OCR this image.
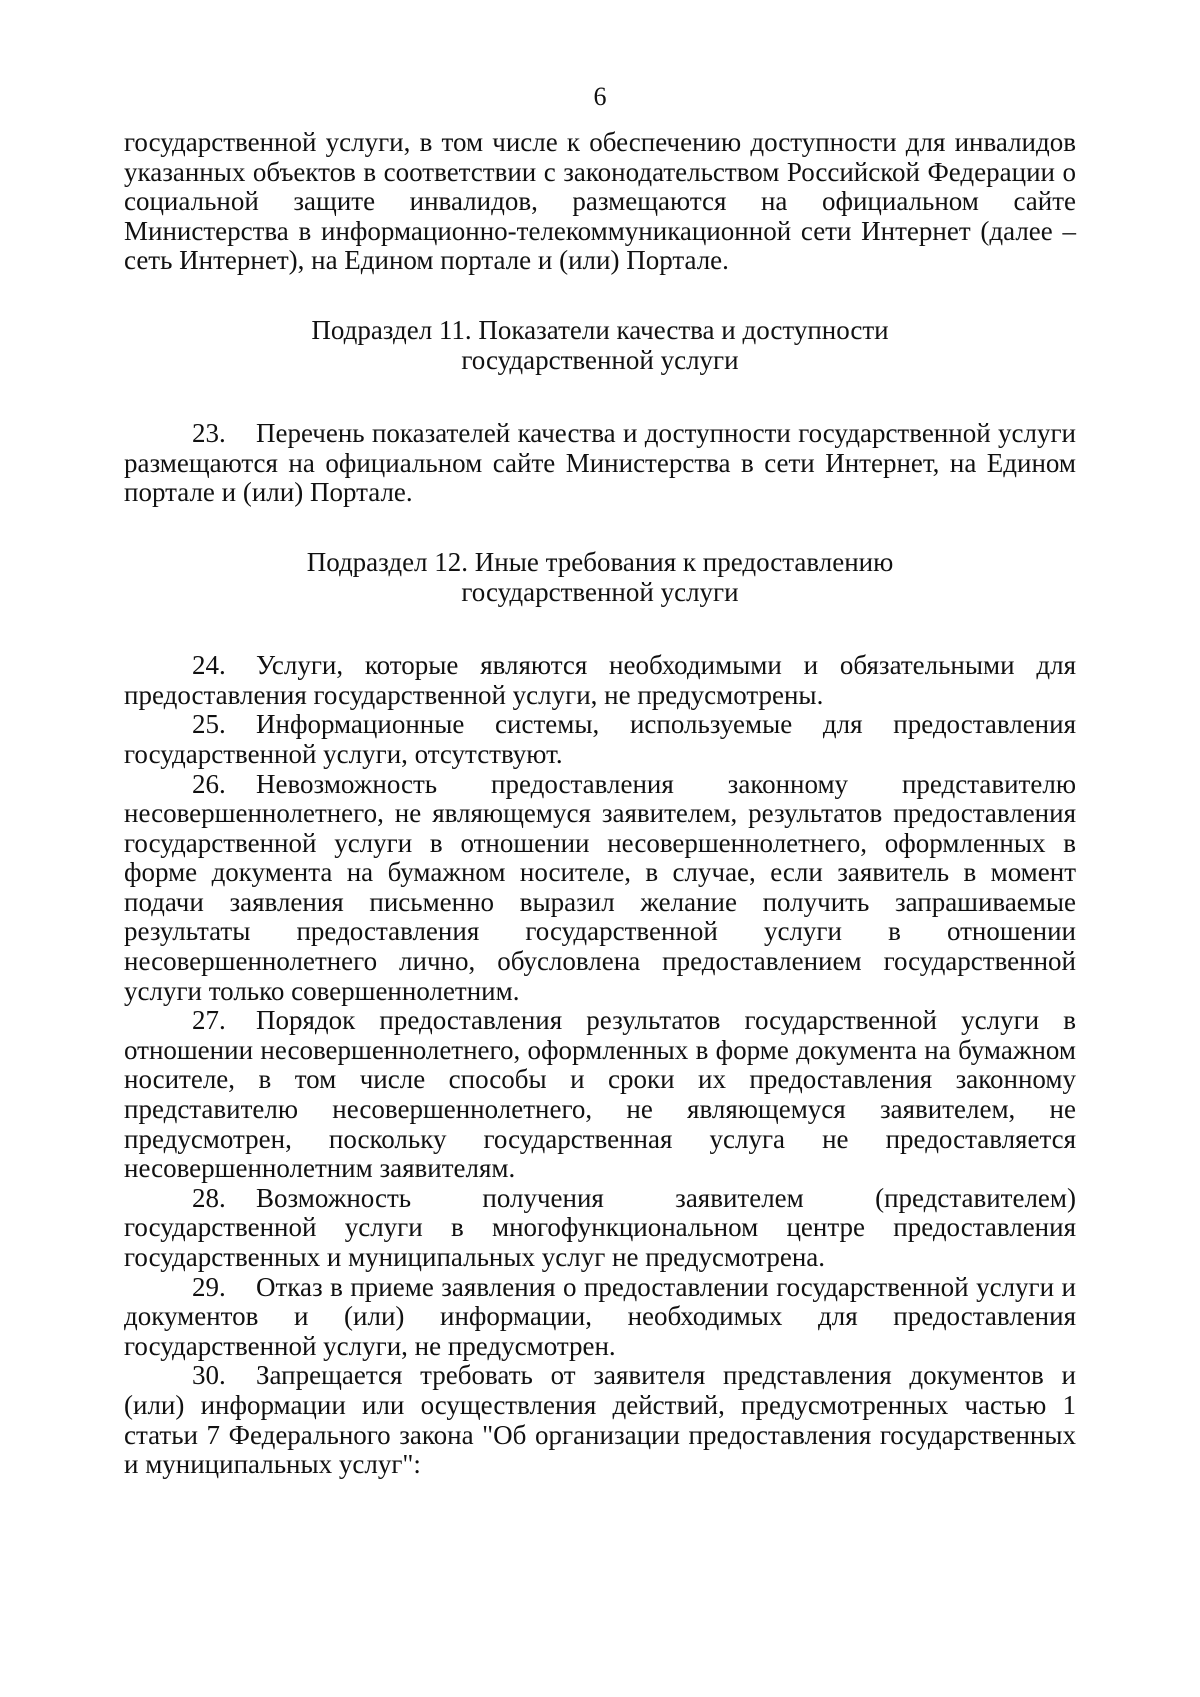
6

государственной услуги, в том числе к обеспечению доступности для инвалидов указанных объектов в соответствии с законодательством Российской Федерации о социальной защите инвалидов, размещаются на официальном сайте Министерства в информационно-телекоммуникационной сети Интернет (далее – сеть Интернет), на Едином портале и (или) Портале.

Подраздел 11. Показатели качества и доступности
государственной услуги

23. Перечень показателей качества и доступности государственной услуги размещаются на официальном сайте Министерства в сети Интернет, на Едином портале и (или) Портале.

Подраздел 12. Иные требования к предоставлению
государственной услуги

24. Услуги, которые являются необходимыми и обязательными для предоставления государственной услуги, не предусмотрены.

25. Информационные системы, используемые для предоставления государственной услуги, отсутствуют.

26. Невозможность предоставления законному представителю несовершеннолетнего, не являющемуся заявителем, результатов предоставления государственной услуги в отношении несовершеннолетнего, оформленных в форме документа на бумажном носителе, в случае, если заявитель в момент подачи заявления письменно выразил желание получить запрашиваемые результаты предоставления государственной услуги в отношении несовершеннолетнего лично, обусловлена предоставлением государственной услуги только совершеннолетним.

27. Порядок предоставления результатов государственной услуги в отношении несовершеннолетнего, оформленных в форме документа на бумажном носителе, в том числе способы и сроки их предоставления законному представителю несовершеннолетнего, не являющемуся заявителем, не предусмотрен, поскольку государственная услуга не предоставляется несовершеннолетним заявителям.

28. Возможность получения заявителем (представителем) государственной услуги в многофункциональном центре предоставления государственных и муниципальных услуг не предусмотрена.

29. Отказ в приеме заявления о предоставлении государственной услуги и документов и (или) информации, необходимых для предоставления государственной услуги, не предусмотрен.

30. Запрещается требовать от заявителя представления документов и (или) информации или осуществления действий, предусмотренных частью 1 статьи 7 Федерального закона "Об организации предоставления государственных и муниципальных услуг":
